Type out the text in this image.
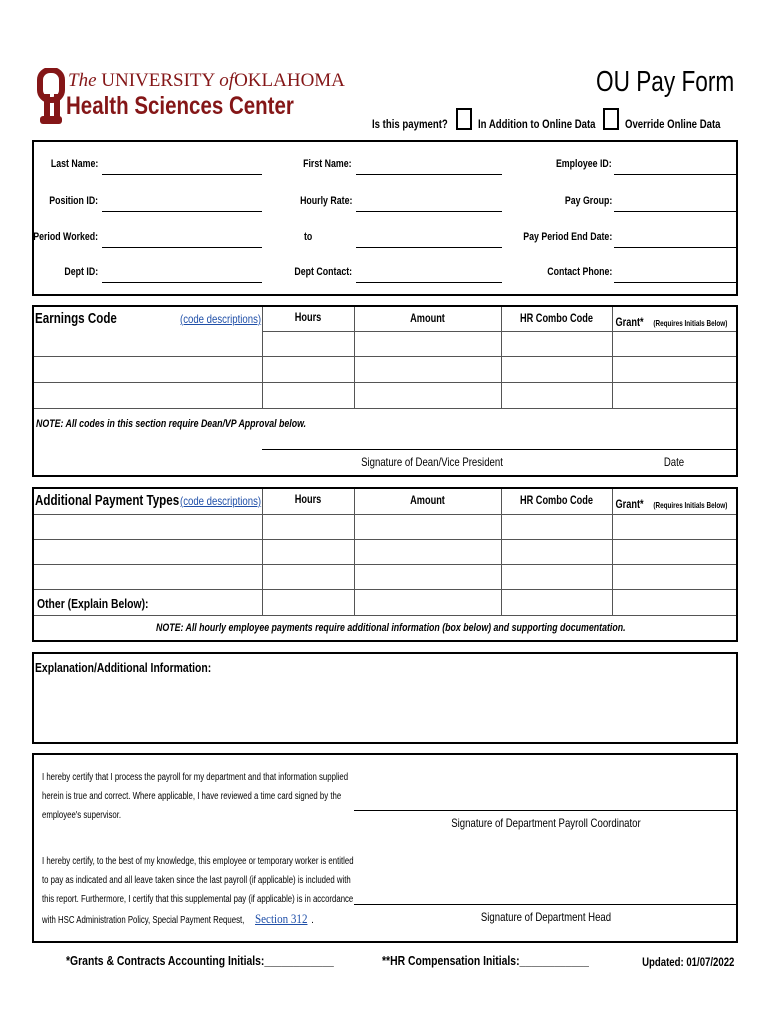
The UNIVERSITY ofOKLAHOMA
Health Sciences Center
OU Pay Form
Is this payment?	In Addition to Online Data Override Online Data
Last Name:	First Name:	Employee ID:
Position ID:	Hourly Rate:	Pay Group:
Period Worked:	to	Pay Period End Date:
Dept ID:	Dept Contact:	Contact Phone:
Earnings Code	(code descriptions)	Hours	Amount	HR Combo Code	Grant* (Requires Initials Below)
NOTE: All codes in this section require Dean/VP Approval below.
Signature of Dean/Vice President	Date
Additional Payment Types (code descriptions)	Hours	Amount	HR Combo Code	Grant* (Requires Initials Below)
Other (Explain Below):
NOTE: All hourly employee payments require additional information (box below) and supporting documentation.
Explanation/Additional Information:
I hereby certify that I process the payroll for my department and that information supplied
herein is true and correct. Where applicable, I have reviewed a time card signed by the
employee's supervisor.
Signature of Department Payroll Coordinator
I hereby certify, to the best of my knowledge, this employee or temporary worker is entitled
to pay as indicated and all leave taken since the last payroll (if applicable) is included with
this report. Furthermore, I certify that this supplemental pay (if applicable) is in accordance
with HSC Administration Policy, Special Payment Request, Section 312 .	Signature of Department Head
*Grants & Contracts Accounting Initials:____________	**HR Compensation Initials:____________	Updated: 01/07/2022
